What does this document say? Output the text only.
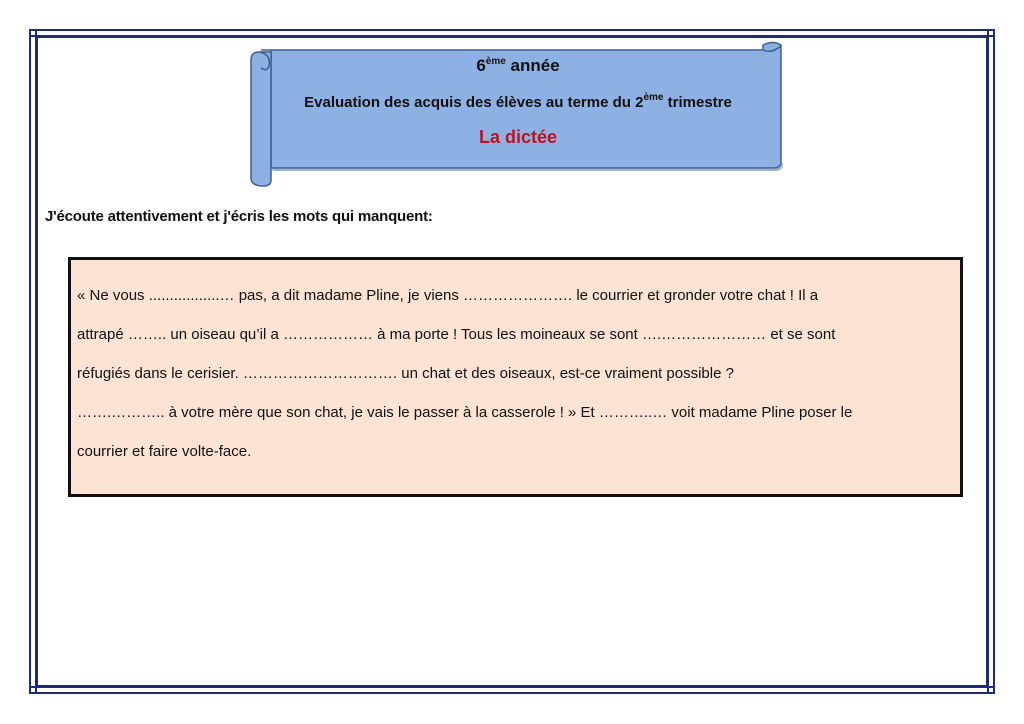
6ème année
Evaluation des acquis des élèves au terme du 2ème trimestre
La dictée
J'écoute attentivement et j'écris les mots qui manquent:

« Ne vous .................… pas, a dit madame Pline, je viens …………………. le courrier et gronder votre chat ! Il a

attrapé …….. un oiseau qu’il a ……………… à ma porte ! Tous les moineaux se sont ….………………… et se sont

réfugiés dans le cerisier. …………………………. un chat et des oiseaux, est-ce vraiment possible ?

…….……….. à votre mère que son chat, je vais le passer à la casserole ! » Et ………..… voit madame Pline poser le

courrier et faire volte-face.
